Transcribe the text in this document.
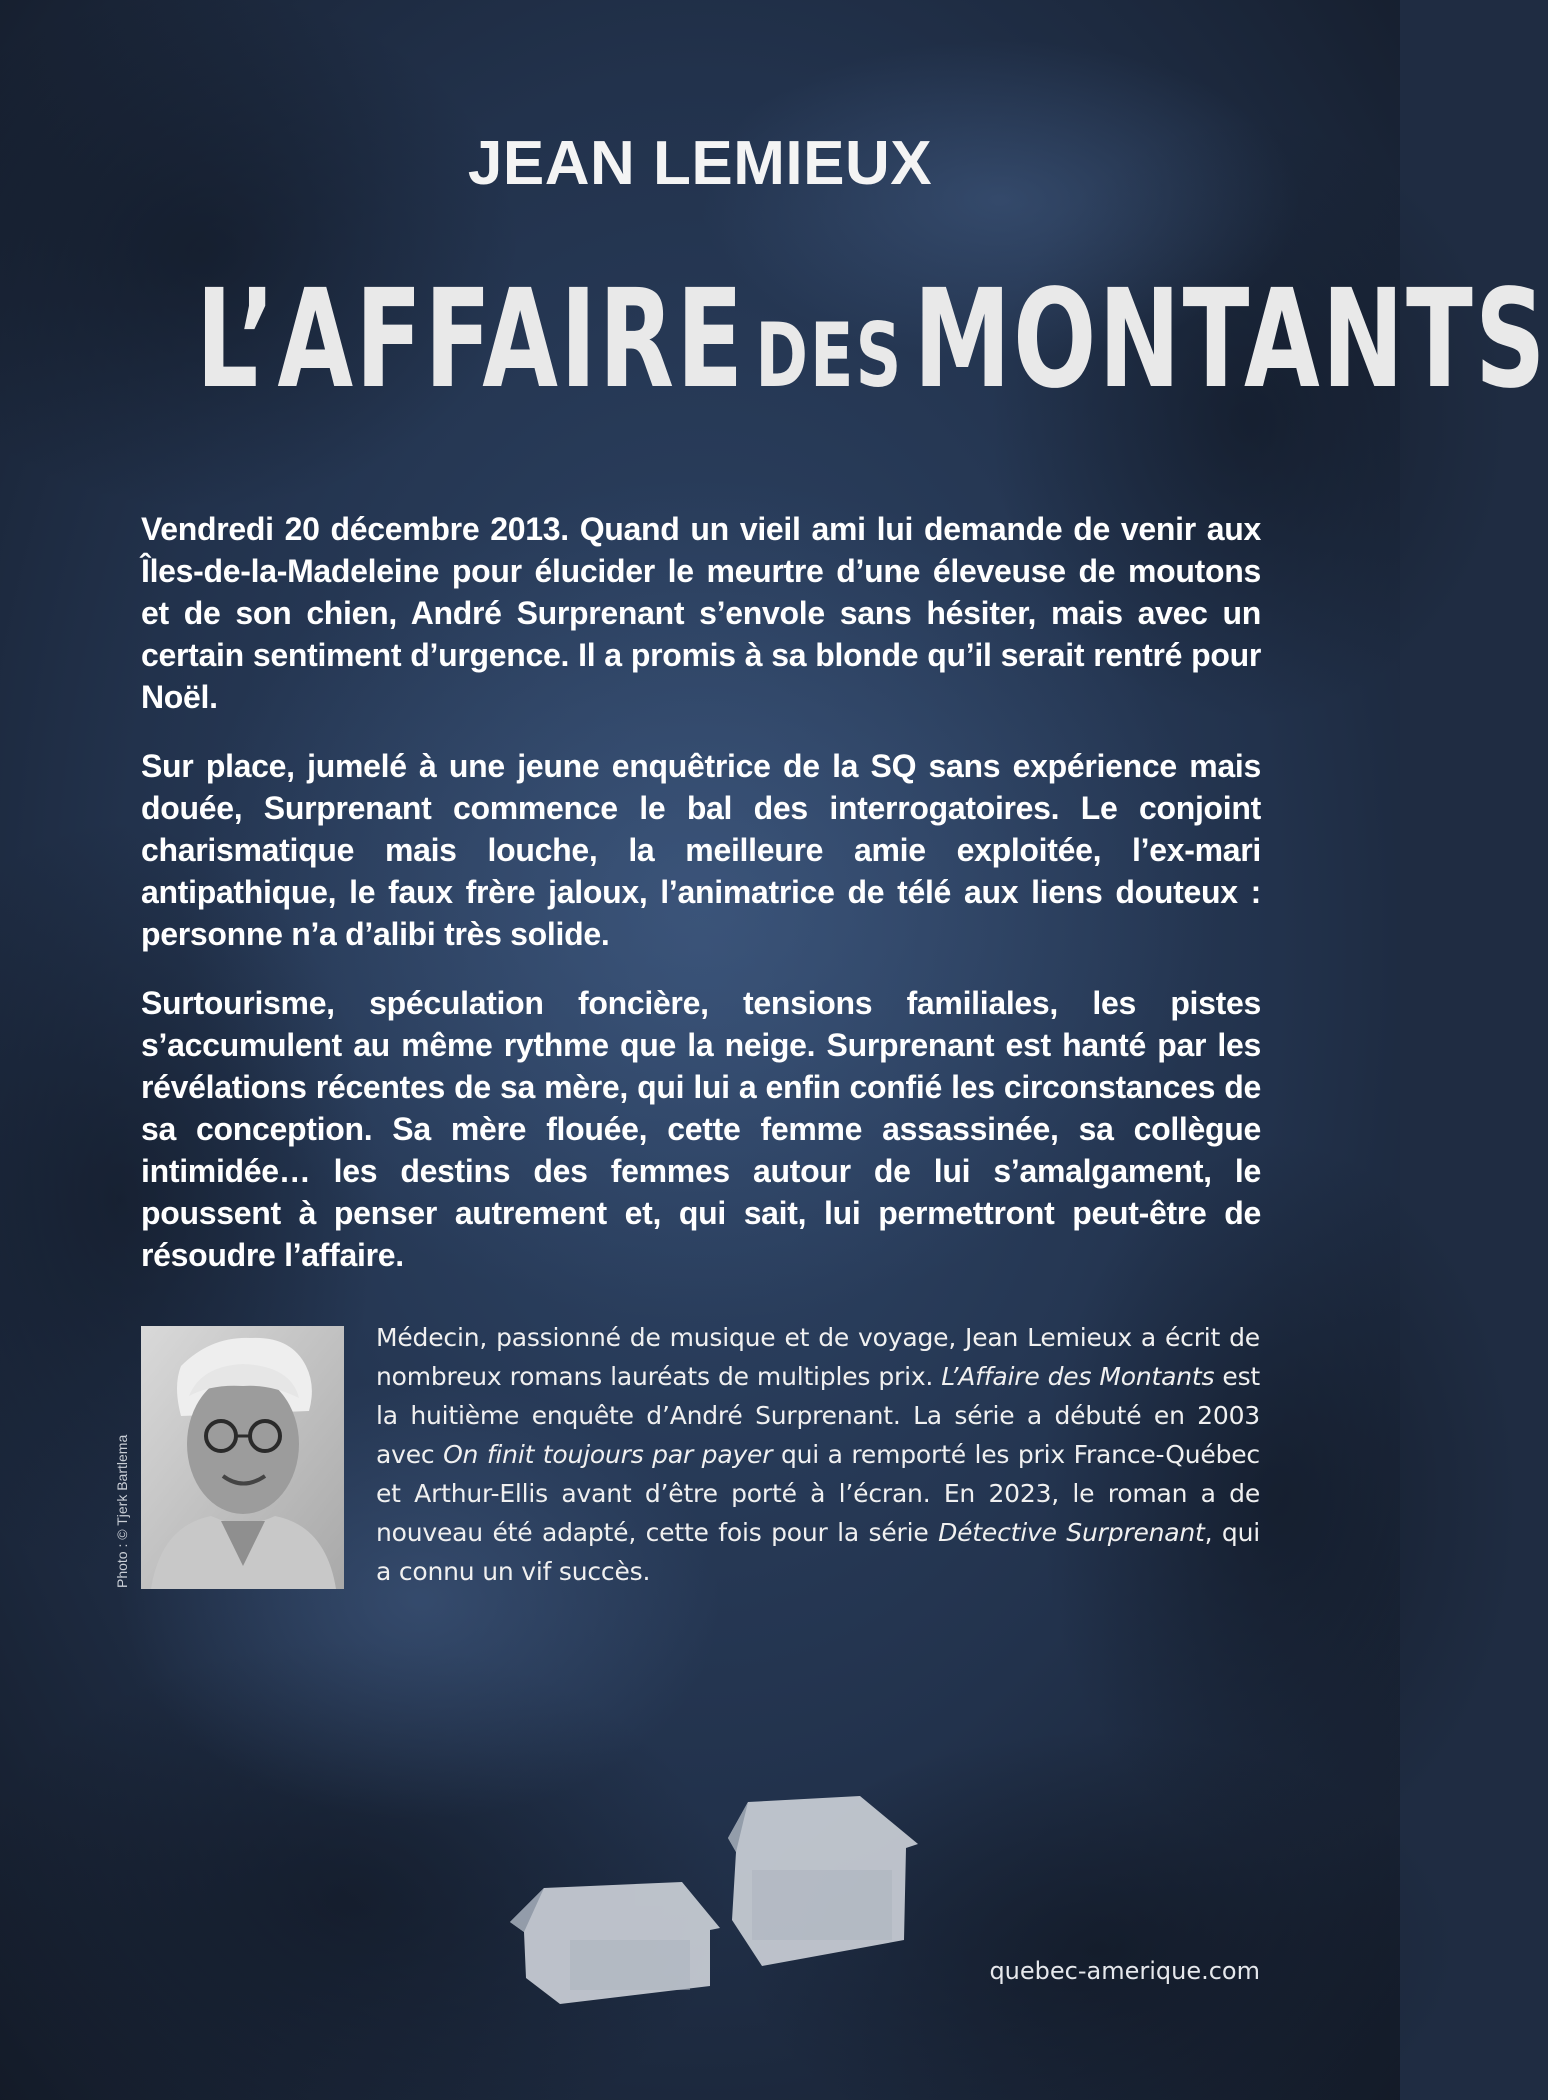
JEAN LEMIEUX
L’AFFAIRE DESMONTANTS

Vendredi 20 décembre 2013. Quand un vieil ami lui demande de venir aux Îles-de-la-Madeleine pour élucider le meurtre d’une éleveuse de moutons et de son chien, André Surprenant s’envole sans hésiter, mais avec un certain sentiment d’urgence. Il a promis à sa blonde qu’il serait rentré pour Noël.

Sur place, jumelé à une jeune enquêtrice de la SQ sans expérience mais douée, Surprenant commence le bal des interrogatoires. Le conjoint charismatique mais louche, la meilleure amie exploitée, l’ex-mari antipathique, le faux frère jaloux, l’animatrice de télé aux liens douteux : personne n’a d’alibi très solide.

Surtourisme, spéculation foncière, tensions familiales, les pistes s’accumulent au même rythme que la neige. Surprenant est hanté par les révélations récentes de sa mère, qui lui a enfin confié les circonstances de sa conception. Sa mère flouée, cette femme assassinée, sa collègue intimidée… les destins des femmes autour de lui s’amalgament, le poussent à penser autrement et, qui sait, lui permettront peut-être de résoudre l’affaire.

Photo : © Tjerk Bartlema
Médecin, passionné de musique et de voyage, Jean Lemieux a écrit de nombreux romans lauréats de multiples prix. L’Affaire des Montants est la huitième enquête d’André Surprenant. La série a débuté en 2003 avec On finit toujours par payer qui a remporté les prix France-Québec et Arthur-Ellis avant d’être porté à l’écran. En 2023, le roman a de nouveau été adapté, cette fois pour la série Détective Surprenant, qui a connu un vif succès.
quebec-amerique.com
